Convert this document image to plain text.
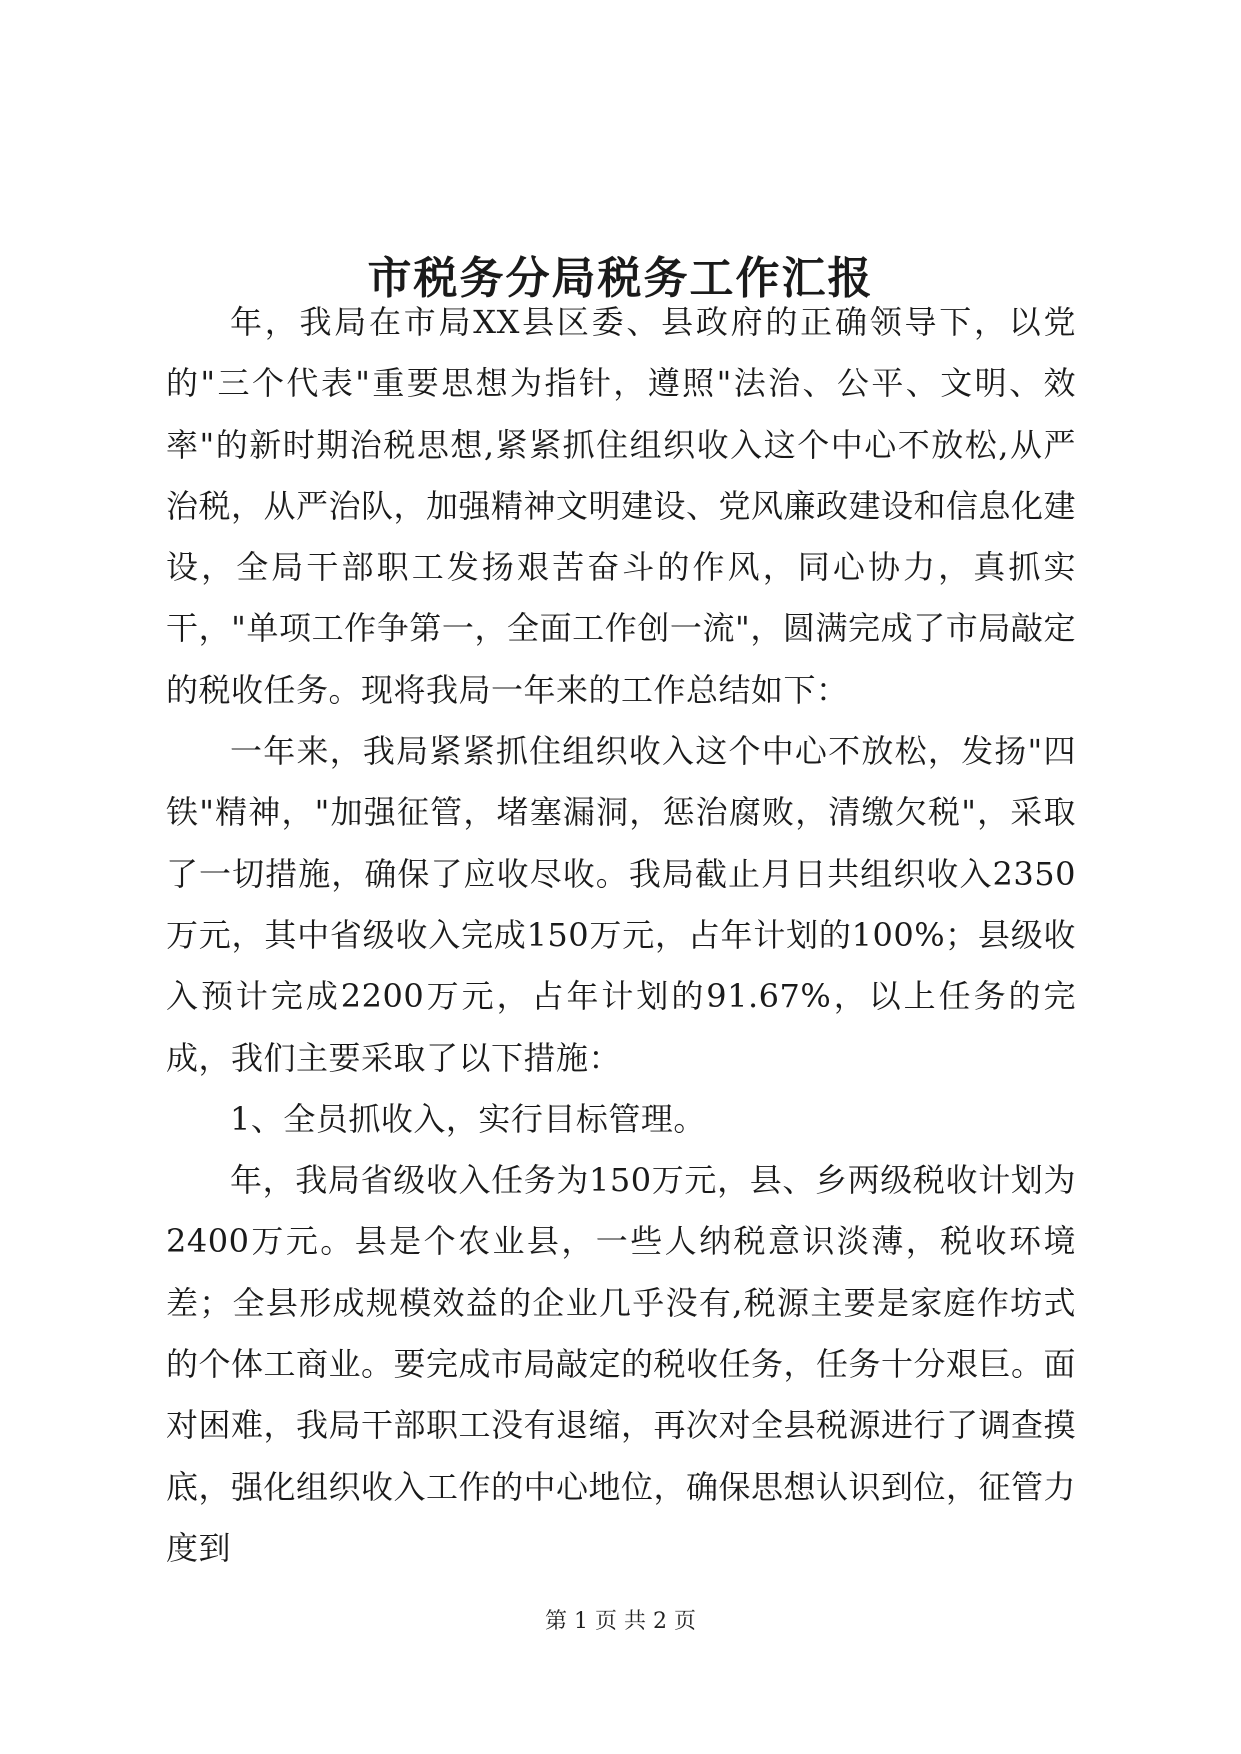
市税务分局税务工作汇报

年，我局在市局XX县区委、县政府的正确领导下，以党的"三个代表"重要思想为指针，遵照"法治、公平、文明、效率"的新时期治税思想,紧紧抓住组织收入这个中心不放松,从严治税，从严治队，加强精神文明建设、党风廉政建设和信息化建设，全局干部职工发扬艰苦奋斗的作风，同心协力，真抓实干，"单项工作争第一，全面工作创一流"，圆满完成了市局敲定的税收任务。现将我局一年来的工作总结如下：

一年来，我局紧紧抓住组织收入这个中心不放松，发扬"四铁"精神，"加强征管，堵塞漏洞，惩治腐败，清缴欠税"，采取了一切措施，确保了应收尽收。我局截止月日共组织收入2350万元，其中省级收入完成150万元，占年计划的100%；县级收入预计完成2200万元，占年计划的91.67%，以上任务的完成，我们主要采取了以下措施：

1、全员抓收入，实行目标管理。

年，我局省级收入任务为150万元，县、乡两级税收计划为2400万元。县是个农业县，一些人纳税意识淡薄，税收环境差；全县形成规模效益的企业几乎没有,税源主要是家庭作坊式的个体工商业。要完成市局敲定的税收任务，任务十分艰巨。面对困难，我局干部职工没有退缩，再次对全县税源进行了调查摸底，强化组织收入工作的中心地位，确保思想认识到位，征管力度到

第 1 页 共 2 页
